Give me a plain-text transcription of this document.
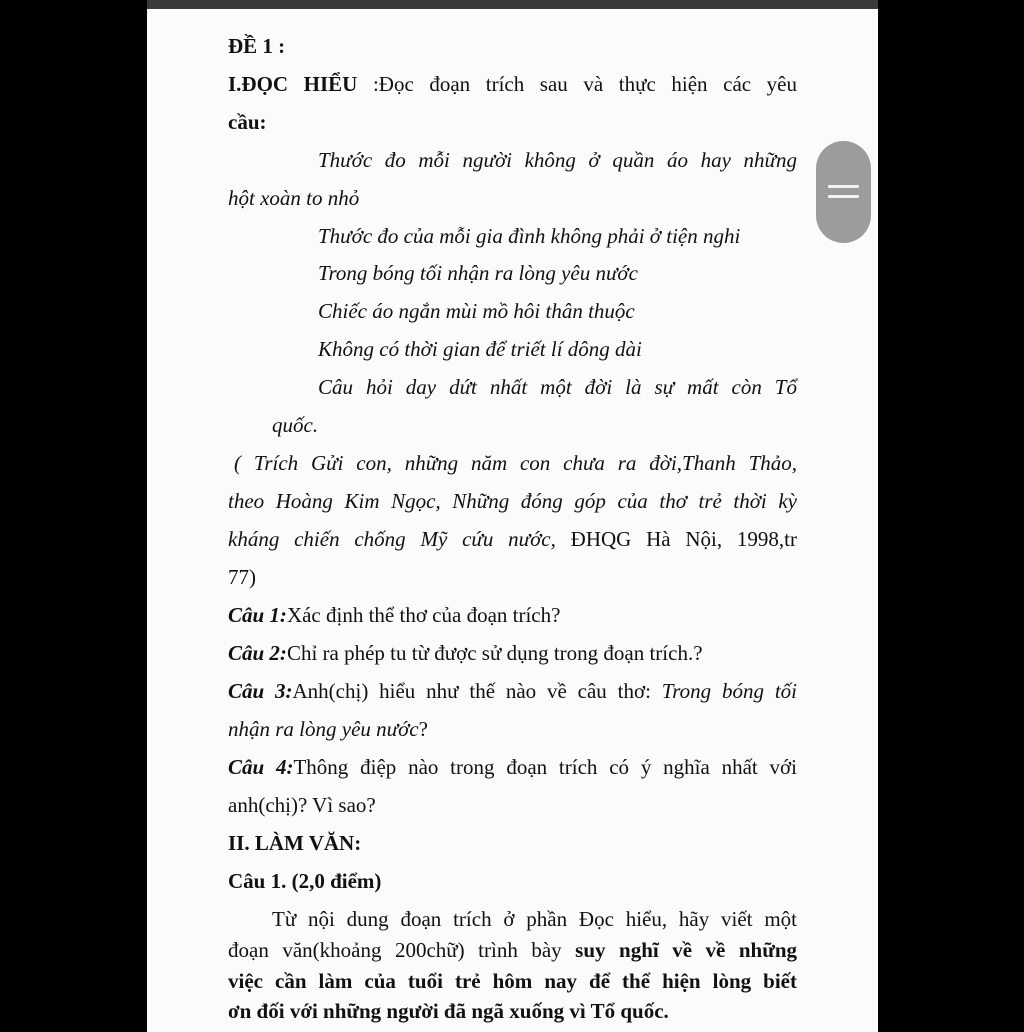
ĐỀ 1 :
I.ĐỌC HIỂU :Đọc đoạn trích sau và thực hiện các yêu
cầu:
Thước đo mỗi người không ở quần áo hay những
hột xoàn to nhỏ
Thước đo của mỗi gia đình không phải ở tiện nghi
Trong bóng tối nhận ra lòng yêu nước
Chiếc áo ngắn mùi mồ hôi thân thuộc
Không có thời gian để triết lí dông dài
Câu hỏi day dứt nhất một đời là sự mất còn Tổ
quốc.
( Trích Gửi con, những năm con chưa ra đời,Thanh Thảo,
theo Hoàng Kim Ngọc, Những đóng góp của thơ trẻ thời kỳ
kháng chiến chống Mỹ cứu nước, ĐHQG Hà Nội, 1998,tr
77)
Câu 1:Xác định thể thơ của đoạn trích?
Câu 2:Chỉ ra phép tu từ được sử dụng trong đoạn trích.?
Câu 3:Anh(chị) hiểu như thế nào về câu thơ: Trong bóng tối
nhận ra lòng yêu nước?
Câu 4:Thông điệp nào trong đoạn trích có ý nghĩa nhất với
anh(chị)? Vì sao?
II. LÀM VĂN:
Câu 1. (2,0 điểm)
Từ nội dung đoạn trích ở phần Đọc hiểu, hãy viết một
đoạn văn(khoảng 200chữ) trình bày suy nghĩ về về những
việc cần làm của tuổi trẻ hôm nay để thể hiện lòng biết
ơn đối với những người đã ngã xuống vì Tổ quốc.
